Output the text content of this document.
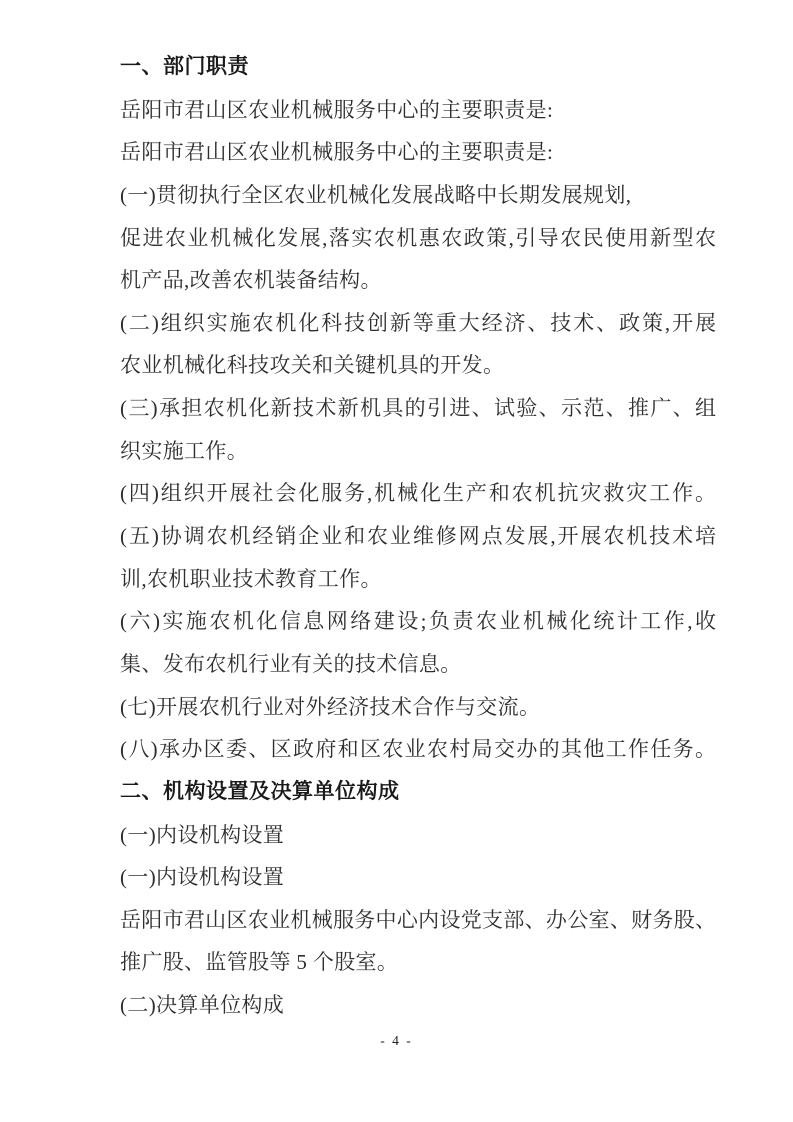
一、部门职责
岳阳市君山区农业机械服务中心的主要职责是:
岳阳市君山区农业机械服务中心的主要职责是:
(一)贯彻执行全区农业机械化发展战略中长期发展规划,
促进农业机械化发展,落实农机惠农政策,引导农民使用新型农
机产品,改善农机装备结构。
(二)组织实施农机化科技创新等重大经济、技术、政策,开展
农业机械化科技攻关和关键机具的开发。
(三)承担农机化新技术新机具的引进、试验、示范、推广、组
织实施工作。
(四)组织开展社会化服务,机械化生产和农机抗灾救灾工作。
(五)协调农机经销企业和农业维修网点发展,开展农机技术培
训,农机职业技术教育工作。
(六)实施农机化信息网络建设;负责农业机械化统计工作,收
集、发布农机行业有关的技术信息。
(七)开展农机行业对外经济技术合作与交流。
(八)承办区委、区政府和区农业农村局交办的其他工作任务。
二、机构设置及决算单位构成
(一)内设机构设置
(一)内设机构设置
岳阳市君山区农业机械服务中心内设党支部、办公室、财务股、
推广股、监管股等 5 个股室。
(二)决算单位构成
- 4 -
